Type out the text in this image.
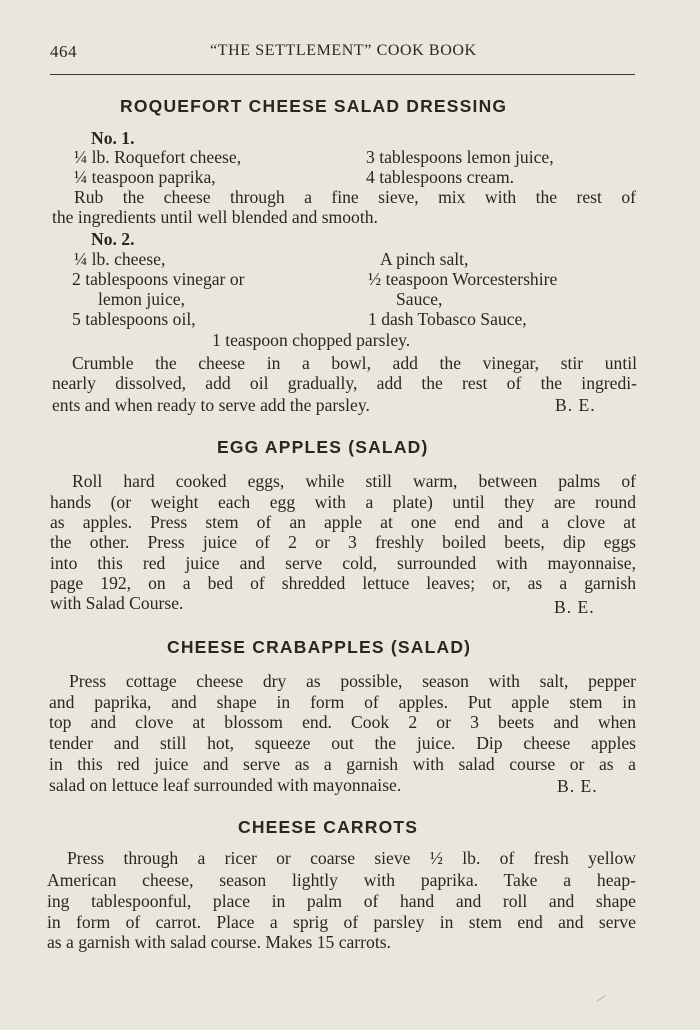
464	“THE SETTLEMENT” COOK BOOK
ROQUEFORT CHEESE SALAD DRESSING
No. 1.
¼ lb. Roquefort cheese,	3 tablespoons lemon juice,
¼ teaspoon paprika,	4 tablespoons cream.
Rub the cheese through a fine sieve, mix with the rest of
the ingredients until well blended and smooth.
No. 2.
¼ lb. cheese,	A pinch salt,
2 tablespoons vinegar or	½ teaspoon Worcestershire
lemon juice,	Sauce,
5 tablespoons oil,	1 dash Tobasco Sauce,
1 teaspoon chopped parsley.
Crumble the cheese in a bowl, add the vinegar, stir until
nearly dissolved, add oil gradually, add the rest of the ingredi-
ents and when ready to serve add the parsley.	B. E.
EGG APPLES (SALAD)
Roll hard cooked eggs, while still warm, between palms of
hands (or weight each egg with a plate) until they are round
as apples. Press stem of an apple at one end and a clove at
the other. Press juice of 2 or 3 freshly boiled beets, dip eggs
into this red juice and serve cold, surrounded with mayonnaise,
page 192, on a bed of shredded lettuce leaves; or, as a garnish
with Salad Course.	B. E.
CHEESE CRABAPPLES (SALAD)
Press cottage cheese dry as possible, season with salt, pepper
and paprika, and shape in form of apples. Put apple stem in
top and clove at blossom end. Cook 2 or 3 beets and when
tender and still hot, squeeze out the juice. Dip cheese apples
in this red juice and serve as a garnish with salad course or as a
salad on lettuce leaf surrounded with mayonnaise.	B. E.
CHEESE CARROTS
Press through a ricer or coarse sieve ½ lb. of fresh yellow
American cheese, season lightly with paprika. Take a heap-
ing tablespoonful, place in palm of hand and roll and shape
in form of carrot. Place a sprig of parsley in stem end and serve
as a garnish with salad course. Makes 15 carrots.
